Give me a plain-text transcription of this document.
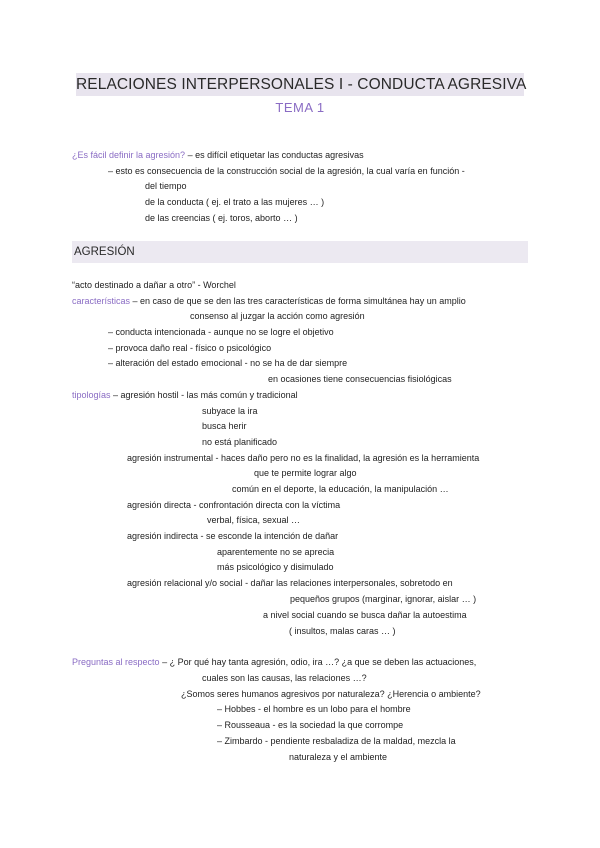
RELACIONES INTERPERSONALES I - CONDUCTA AGRESIVA
TEMA 1
¿Es fácil definir la agresión? – es difícil etiquetar las conductas agresivas
– esto es consecuencia de la construcción social de la agresión, la cual varía en función -
del tiempo
de la conducta ( ej. el trato a las mujeres … )
de las creencias ( ej. toros, aborto … )
AGRESIÓN
“acto destinado a dañar a otro” - Worchel
características – en caso de que se den las tres características de forma simultánea hay un amplio
consenso al juzgar la acción como agresión
– conducta intencionada - aunque no se logre el objetivo
– provoca daño real - físico o psicológico
– alteración del estado emocional - no se ha de dar siempre
en ocasiones tiene consecuencias fisiológicas
tipologías – agresión hostil - las más común y tradicional
subyace la ira
busca herir
no está planificado
agresión instrumental - haces daño pero no es la finalidad, la agresión es la herramienta
que te permite lograr algo
común en el deporte, la educación, la manipulación …
agresión directa - confrontación directa con la víctima
verbal, física, sexual …
agresión indirecta - se esconde la intención de dañar
aparentemente no se aprecia
más psicológico y disimulado
agresión relacional y/o social - dañar las relaciones interpersonales, sobretodo en
pequeños grupos (marginar, ignorar, aislar … )
a nivel social cuando se busca dañar la autoestima
( insultos, malas caras … )
Preguntas al respecto – ¿ Por qué hay tanta agresión, odio, ira …? ¿a que se deben las actuaciones,
cuales son las causas, las relaciones …?
¿Somos seres humanos agresivos por naturaleza? ¿Herencia o ambiente?
– Hobbes - el hombre es un lobo para el hombre
– Rousseaua - es la sociedad la que corrompe
– Zimbardo - pendiente resbaladiza de la maldad, mezcla la
naturaleza y el ambiente
